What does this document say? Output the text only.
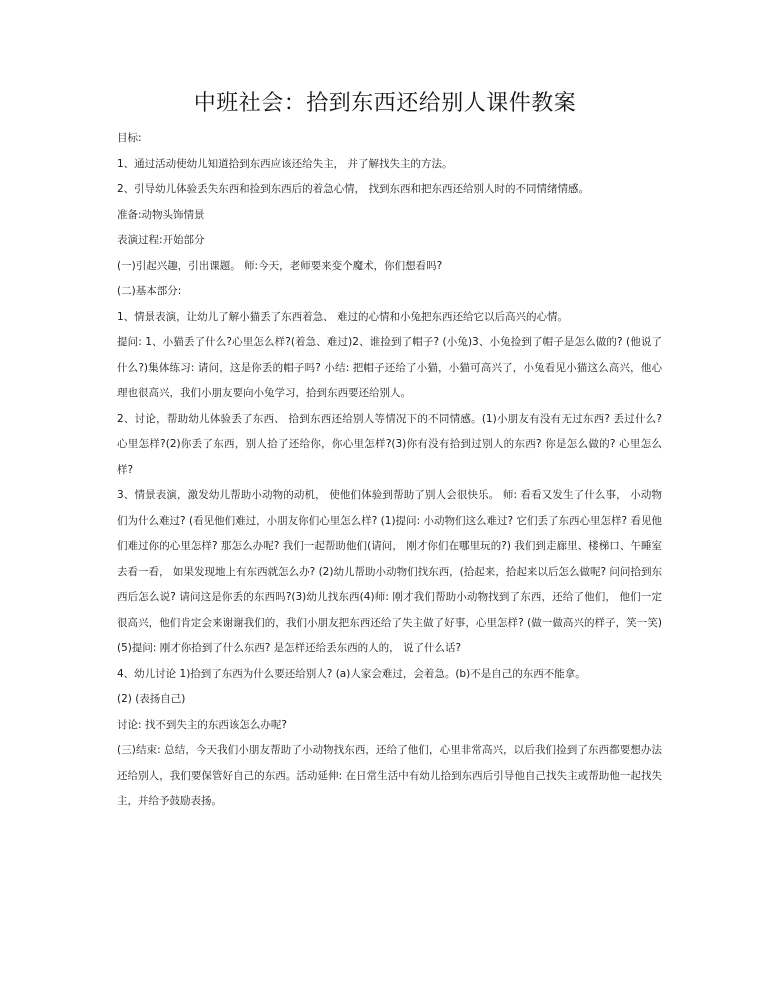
中班社会：拾到东西还给别人课件教案

目标:

1、通过活动使幼儿知道拾到东西应该还给失主， 并了解找失主的方法。

2、引导幼儿体验丢失东西和捡到东西后的着急心情， 找到东西和把东西还给别人时的不同情绪情感。

准备:动物头饰情景

表演过程:开始部分

(一)引起兴趣，引出课题。 师:今天，老师要来变个魔术，你们想看吗?

(二)基本部分:

1、情景表演，让幼儿了解小猫丢了东西着急、 难过的心情和小兔把东西还给它以后高兴的心情。

提问: 1、小猫丢了什么?心里怎么样?(着急、难过)2、谁捡到了帽子? (小兔)3、小兔捡到了帽子是怎么做的? (他说了什么?)集体练习: 请问，这是你丢的帽子吗? 小结: 把帽子还给了小猫，小猫可高兴了，小兔看见小猫这么高兴，他心理也很高兴，我们小朋友要向小兔学习，拾到东西要还给别人。

2、讨论，帮助幼儿体验丢了东西、 拾到东西还给别人等情况下的不同情感。(1)小朋友有没有无过东西? 丢过什么? 心里怎样?(2)你丢了东西，别人拾了还给你，你心里怎样?(3)你有没有拾到过别人的东西? 你是怎么做的? 心里怎么样?

3、情景表演，激发幼儿帮助小动物的动机， 使他们体验到帮助了别人会很快乐。 师: 看看又发生了什么事， 小动物们为什么难过? (看见他们难过，小朋友你们心里怎么样? (1)提问: 小动物们这么难过? 它们丢了东西心里怎样? 看见他们难过你的心里怎样? 那怎么办呢? 我们一起帮助他们(请问， 刚才你们在哪里玩的?) 我们到走廊里、楼梯口、午睡室去看一看， 如果发现地上有东西就怎么办? (2)幼儿帮助小动物们找东西，(拾起来，拾起来以后怎么做呢? 问问拾到东西后怎么说? 请问这是你丢的东西吗?(3)幼儿找东西(4)师: 刚才我们帮助小动物找到了东西，还给了他们， 他们一定很高兴，他们肯定会来谢谢我们的，我们小朋友把东西还给了失主做了好事，心里怎样? (做一做高兴的样子，笑一笑)(5)提问: 刚才你拾到了什么东西? 是怎样还给丢东西的人的， 说了什么话?

4、幼儿讨论 1)拾到了东西为什么要还给别人? (a)人家会难过，会着急。(b)不是自己的东西不能拿。

(2) (表扬自己)

讨论: 找不到失主的东西该怎么办呢?

(三)结束: 总结，今天我们小朋友帮助了小动物找东西，还给了他们，心里非常高兴，以后我们捡到了东西都要想办法还给别人，我们要保管好自己的东西。活动延伸: 在日常生活中有幼儿拾到东西后引导他自己找失主或帮助他一起找失主，并给予鼓励表扬。
